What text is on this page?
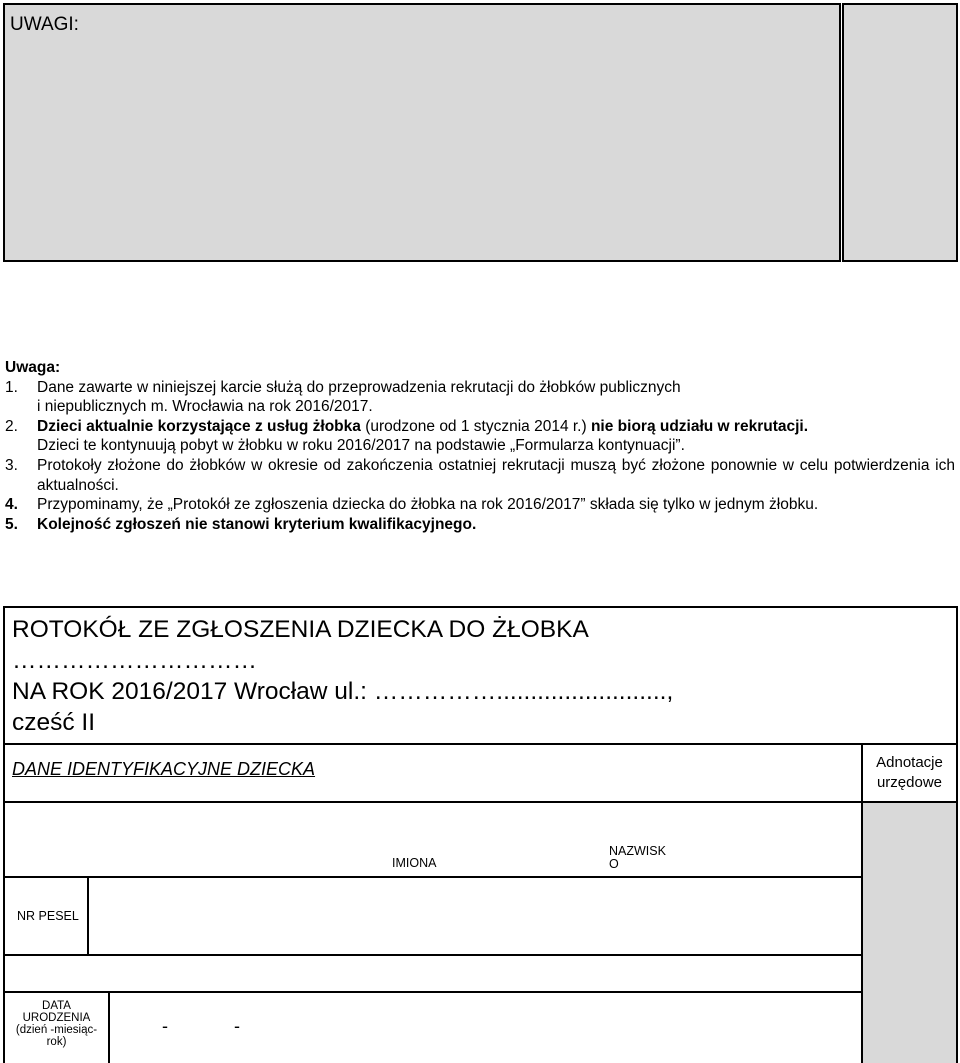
UWAGI:
Uwaga:
1. Dane zawarte w niniejszej karcie służą do przeprowadzenia rekrutacji do żłobków publicznych
i niepublicznych m. Wrocławia na rok 2016/2017.
2. Dzieci aktualnie korzystające z usług żłobka (urodzone od 1 stycznia 2014 r.) nie biorą udziału w rekrutacji.
Dzieci te kontynuują pobyt w żłobku w roku 2016/2017 na podstawie „Formularza kontynuacji”.
3. Protokoły złożone do żłobków w okresie od zakończenia ostatniej rekrutacji muszą być złożone ponownie w celu potwierdzenia ich aktualności.
4. Przypominamy, że „Protokół ze zgłoszenia dziecka do żłobka na rok 2016/2017” składa się tylko w jednym żłobku.
5. Kolejność zgłoszeń nie stanowi kryterium kwalifikacyjnego.
ROTOKÓŁ ZE ZGŁOSZENIA DZIECKA DO ŻŁOBKA
…………………………
NA ROK 2016/2017 Wrocław ul.: …………….........................,
cześć II
DANE IDENTYFIKACYJNE DZIECKA	Adnotacje urzędowe
IMIONA
NAZWISK
O
NR PESEL
DATA
URODZENIA
(dzień -miesiąc-
rok)
-	-
